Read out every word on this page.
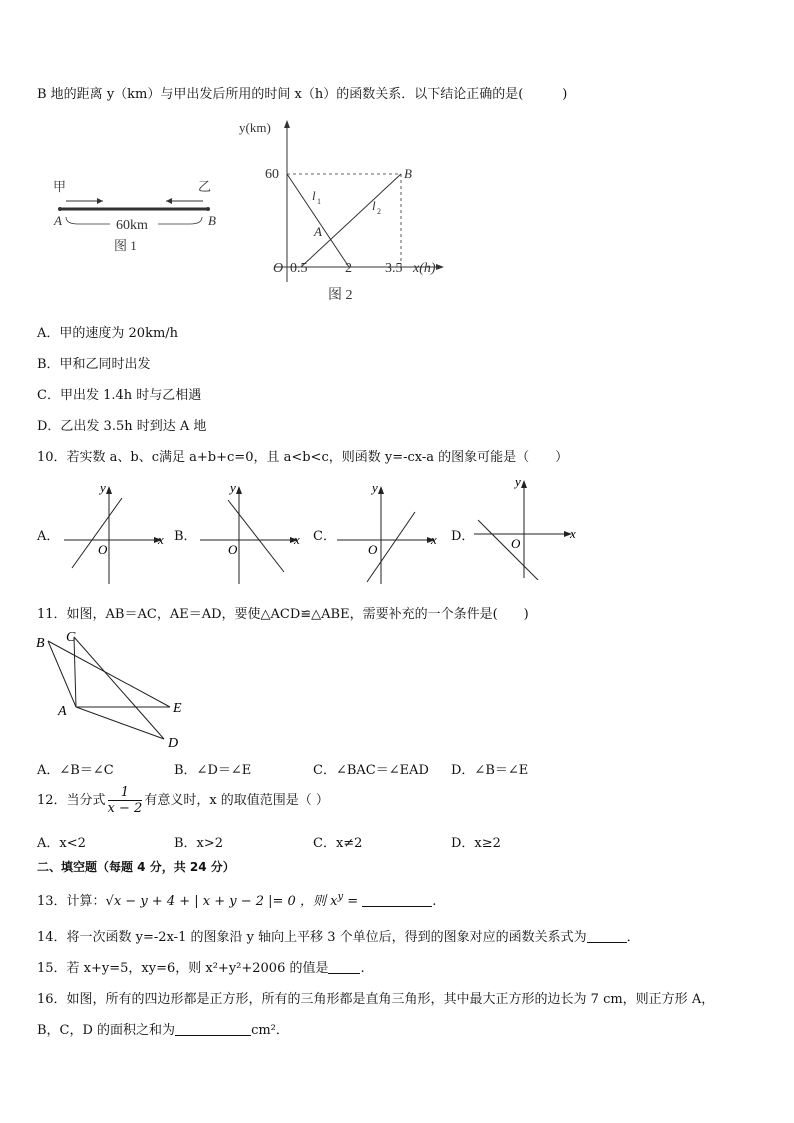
B 地的距离 y（km）与甲出发后所用的时间 x（h）的函数关系．以下结论正确的是(　　　)
甲	乙
A	B
60km
图 1
y(km)
60	B
A
l 1	l 2
O 0.5	2 3.5 x(h)
图 2
A．甲的速度为 20km/h
B．甲和乙同时出发
C．甲出发 1.4h 时与乙相遇
D．乙出发 3.5h 时到达 A 地
10．若实数 a、b、c满足 a+b+c=0，且 a<b<c，则函数 y=-cx-a 的图象可能是（　　）
A．
y
x
O
B．
y
x
O
C．
y
x
O
D．
y
x
O
11．如图，AB＝AC，AE＝AD，要使△ACD≌△ABE，需要补充的一个条件是(　　)
B C
A	E
D
A．∠B＝∠C	B．∠D＝∠E	C．∠BAC＝∠EAD D．∠B＝∠E
12．当分式 $\frac{1}{x - 2}$ 有意义时，x 的取值范围是（ ）
A．x<2	B．x>2	C．x≠2	D．x≥2
二、填空题（每题 4 分，共 24 分）
13．计算：√x − y + 4 + | x + y − 2 |= 0 ，则 $x^y$ =	.
14．将一次函数 y=-2x-1 的图象沿 y 轴向上平移 3 个单位后，得到的图象对应的函数关系式为	．
15．若 x+y=5，xy=6，则 x²+y²+2006 的值是 .
16．如图，所有的四边形都是正方形，所有的三角形都是直角三角形，其中最大正方形的边长为 7 cm，则正方形 A，
B，C，D 的面积之和为	cm²．
